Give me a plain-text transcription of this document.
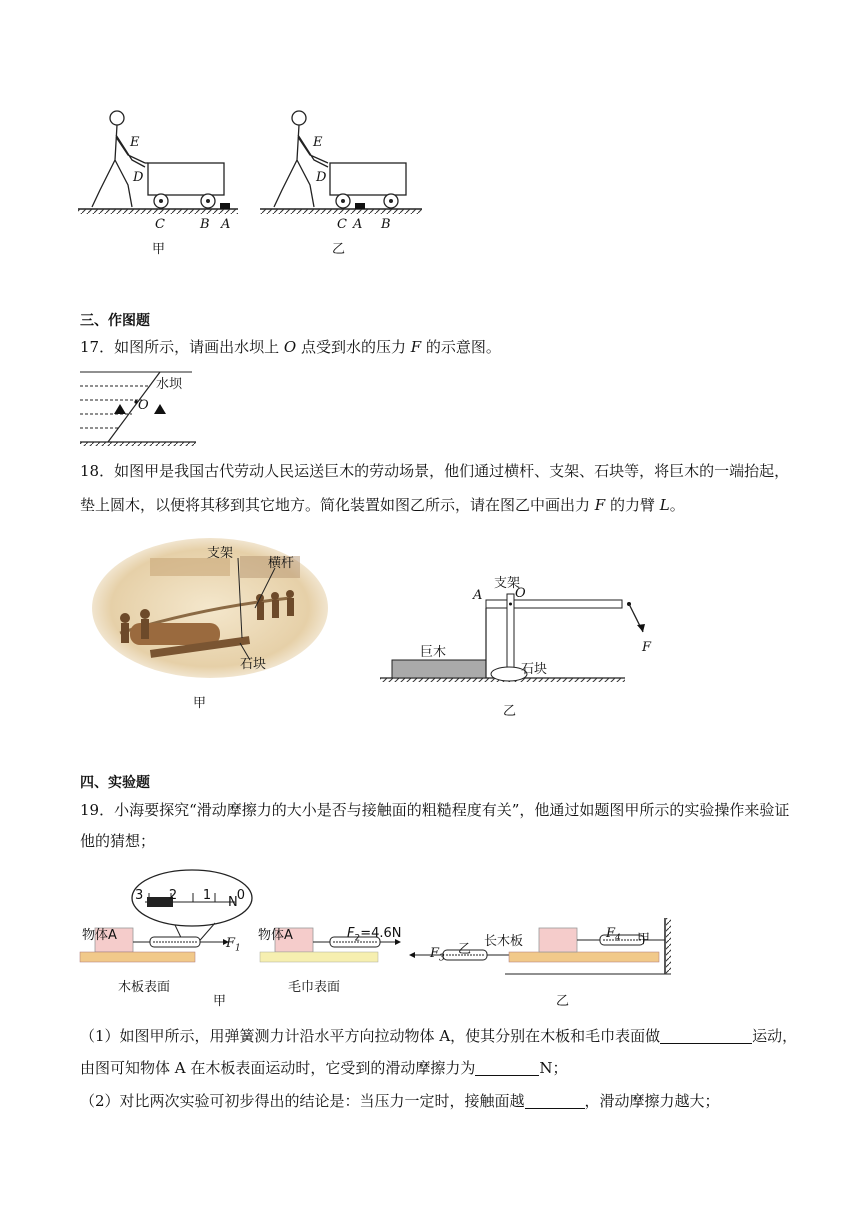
E
D
C	B A
甲
E
D
C A B
乙
三、作图题
17．如图所示，请画出水坝上 O 点受到水的压力 F 的示意图。
水坝
O
18．如图甲是我国古代劳动人民运送巨木的劳动场景，他们通过横杆、支架、石块等，将巨木的一端抬起，
垫上圆木，以便将其移到其它地方。简化装置如图乙所示，请在图乙中画出力 F 的力臂 L。
支架
横杆
石块
甲
支架
A	O
巨木
石块
F
乙
四、实验题
19．小海要探究“滑动摩擦力的大小是否与接触面的粗糙程度有关”，他通过如题图甲所示的实验操作来验证
他的猜想；
3 2 1 0
N
物体A
$F_1$
木板表面
甲
物体A	$F_2=4.6N$
毛巾表面
$F_3$
乙
长木板
$F_4$ 甲
乙
（1）如图甲所示，用弹簧测力计沿水平方向拉动物体 A，使其分别在木板和毛巾表面做	运动，
由图可知物体 A 在木板表面运动时，它受到的滑动摩擦力为	N；
（2）对比两次实验可初步得出的结论是：当压力一定时，接触面越	，滑动摩擦力越大；
